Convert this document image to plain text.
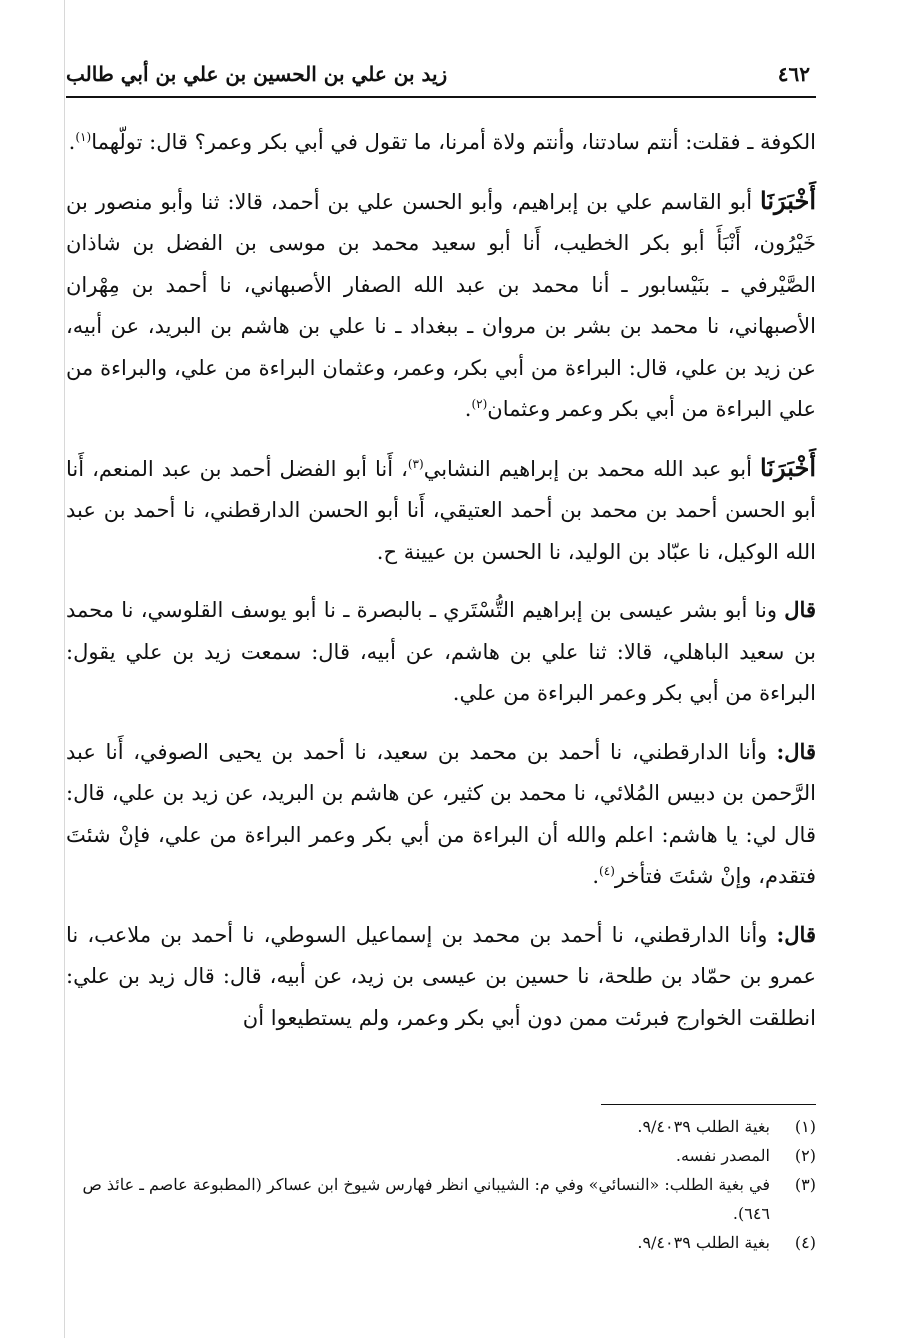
زيد بن علي بن الحسين بن علي بن أبي طالب	٤٦٢

الكوفة ـ فقلت: أنتم سادتنا، وأنتم ولاة أمرنا، ما تقول في أبي بكر وعمر؟ قال: تولّهما$^{(١)}$.

أَخْبَرَنَا أبو القاسم علي بن إبراهيم، وأبو الحسن علي بن أحمد، قالا: ثنا وأبو منصور بن خَيْرُون، أَنْبَأَ أبو بكر الخطيب، أَنا أبو سعيد محمد بن موسى بن الفضل بن شاذان الصَّيْرفي ـ بنَيْسابور ـ أنا محمد بن عبد الله الصفار الأصبهاني، نا أحمد بن مِهْران الأصبهاني، نا محمد بن بشر بن مروان ـ ببغداد ـ نا علي بن هاشم بن البريد، عن أبيه، عن زيد بن علي، قال: البراءة من أبي بكر، وعمر، وعثمان البراءة من علي، والبراءة من علي البراءة من أبي بكر وعمر وعثمان$^{(٢)}$.

أَخْبَرَنَا أبو عبد الله محمد بن إبراهيم النشابي$^{(٣)}$، أَنا أبو الفضل أحمد بن عبد المنعم، أَنا أبو الحسن أحمد بن محمد بن أحمد العتيقي، أَنا أبو الحسن الدارقطني، نا أحمد بن عبد الله الوكيل، نا عبّاد بن الوليد، نا الحسن بن عيينة ح.

قال ونا أبو بشر عيسى بن إبراهيم التُّسْتَري ـ بالبصرة ـ نا أبو يوسف القلوسي، نا محمد بن سعيد الباهلي، قالا: ثنا علي بن هاشم، عن أبيه، قال: سمعت زيد بن علي يقول: البراءة من أبي بكر وعمر البراءة من علي.

قال: وأنا الدارقطني، نا أحمد بن محمد بن سعيد، نا أحمد بن يحيى الصوفي، أَنا عبد الرَّحمن بن دبيس المُلائي، نا محمد بن كثير، عن هاشم بن البريد، عن زيد بن علي، قال: قال لي: يا هاشم: اعلم والله أن البراءة من أبي بكر وعمر البراءة من علي، فإنْ شئتَ فتقدم، وإنْ شئتَ فتأخر$^{(٤)}$.

قال: وأنا الدارقطني، نا أحمد بن محمد بن إسماعيل السوطي، نا أحمد بن ملاعب، نا عمرو بن حمّاد بن طلحة، نا حسين بن عيسى بن زيد، عن أبيه، قال: قال زيد بن علي: انطلقت الخوارج فبرئت ممن دون أبي بكر وعمر، ولم يستطيعوا أن

(١)
بغية الطلب ٩/٤٠٣٩.
(٢)
المصدر نفسه.
(٣)
في بغية الطلب: «النسائي» وفي م: الشيباني انظر فهارس شيوخ ابن عساكر (المطبوعة عاصم ـ عائذ ص ٦٤٦).
(٤)
بغية الطلب ٩/٤٠٣٩.
